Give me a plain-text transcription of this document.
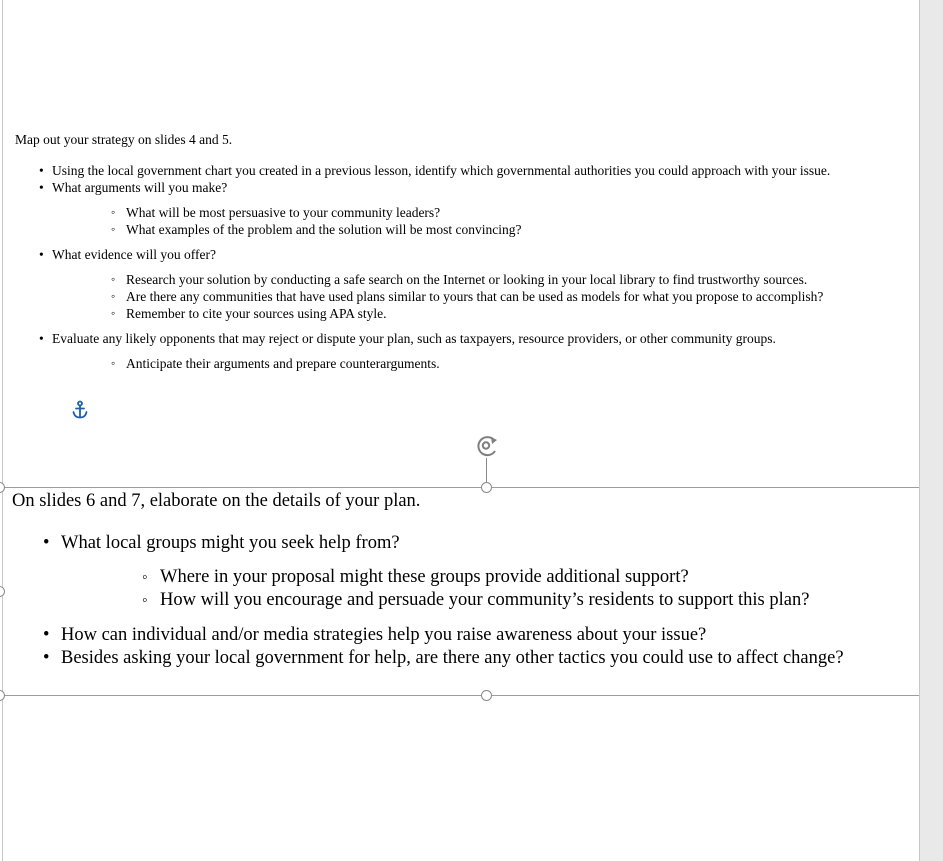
Map out your strategy on slides 4 and 5.

• Using the local government chart you created in a previous lesson, identify which governmental authorities you could approach with your issue.
• What arguments will you make?
◦ What will be most persuasive to your community leaders?
◦ What examples of the problem and the solution will be most convincing?
• What evidence will you offer?
◦ Research your solution by conducting a safe search on the Internet or looking in your local library to find trustworthy sources.
◦ Are there any communities that have used plans similar to yours that can be used as models for what you propose to accomplish?
◦ Remember to cite your sources using APA style.
• Evaluate any likely opponents that may reject or dispute your plan, such as taxpayers, resource providers, or other community groups.
◦ Anticipate their arguments and prepare counterarguments.

On slides 6 and 7, elaborate on the details of your plan.

• What local groups might you seek help from?
◦ Where in your proposal might these groups provide additional support?
◦ How will you encourage and persuade your community’s residents to support this plan?
• How can individual and/or media strategies help you raise awareness about your issue?
• Besides asking your local government for help, are there any other tactics you could use to affect change?
